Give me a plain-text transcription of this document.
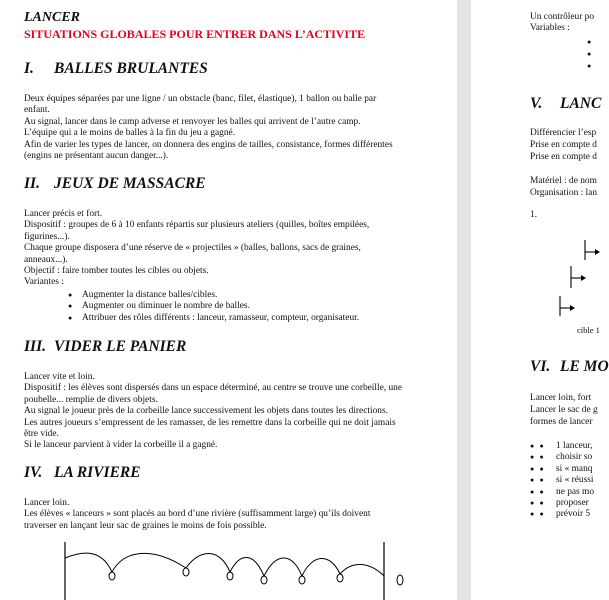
LANCER
SITUATIONS GLOBALES POUR ENTRER DANS L’ACTIVITE
I.	BALLES BRULANTES
Deux équipes séparées par une ligne / un obstacle (banc, filet, élastique), 1 ballon ou balle par enfant.
Au signal, lancer dans le camp adverse et renvoyer les balles qui arrivent de l’autre camp.
L’équipe qui a le moins de balles à la fin du jeu a gagné.
Afin de varier les types de lancer, on donnera des engins de tailles, consistance, formes différentes (engins ne présentant aucun danger...).
II. JEUX DE MASSACRE
Lancer précis et fort.
Dispositif : groupes de 6 à 10 enfants répartis sur plusieurs ateliers (quilles, boîtes empilées, figurines...).
Chaque groupe disposera d’une réserve de « projectiles » (balles, ballons, sacs de graines, anneaux...).
Objectif : faire tomber toutes les cibles ou objets.
Variantes :
● Augmenter la distance balles/cibles.
● Augmenter ou diminuer le nombre de balles.
● Attribuer des rôles différents : lanceur, ramasseur, compteur, organisateur.
III. VIDER LE PANIER
Lancer vite et loin.
Dispositif : les élèves sont dispersés dans un espace déterminé, au centre se trouve une corbeille, une poubelle... remplie de divers objets.
Au signal le joueur près de la corbeille lance successivement les objets dans toutes les directions. Les autres joueurs s’empressent de les ramasser, de les remettre dans la corbeille qui ne doit jamais être vide.
Si le lanceur parvient à vider la corbeille il a gagné.
IV. LA RIVIERE
Lancer loin.
Les élèves « lanceurs » sont placés au bord d’une rivière (suffisamment large) qu’ils doivent traverser en lançant leur sac de graines le moins de fois possible.
Un contrôleur po
Variables :
●
●
●
V.	LANC
Différencier l’esp
Prise en compte d
Prise en compte d
Matériel : de nom
Organisation : lan
1.
cible 1
VI. LE MO
Lancer loin, fort
Lancer le sac de g
formes de lancer
●   ● 1 lanceur,
●   ● choisir so
●   ● si « manq
●   ● si « réussi
●   ● ne pas mo
●   ● proposer
●   ● prévoir 5
